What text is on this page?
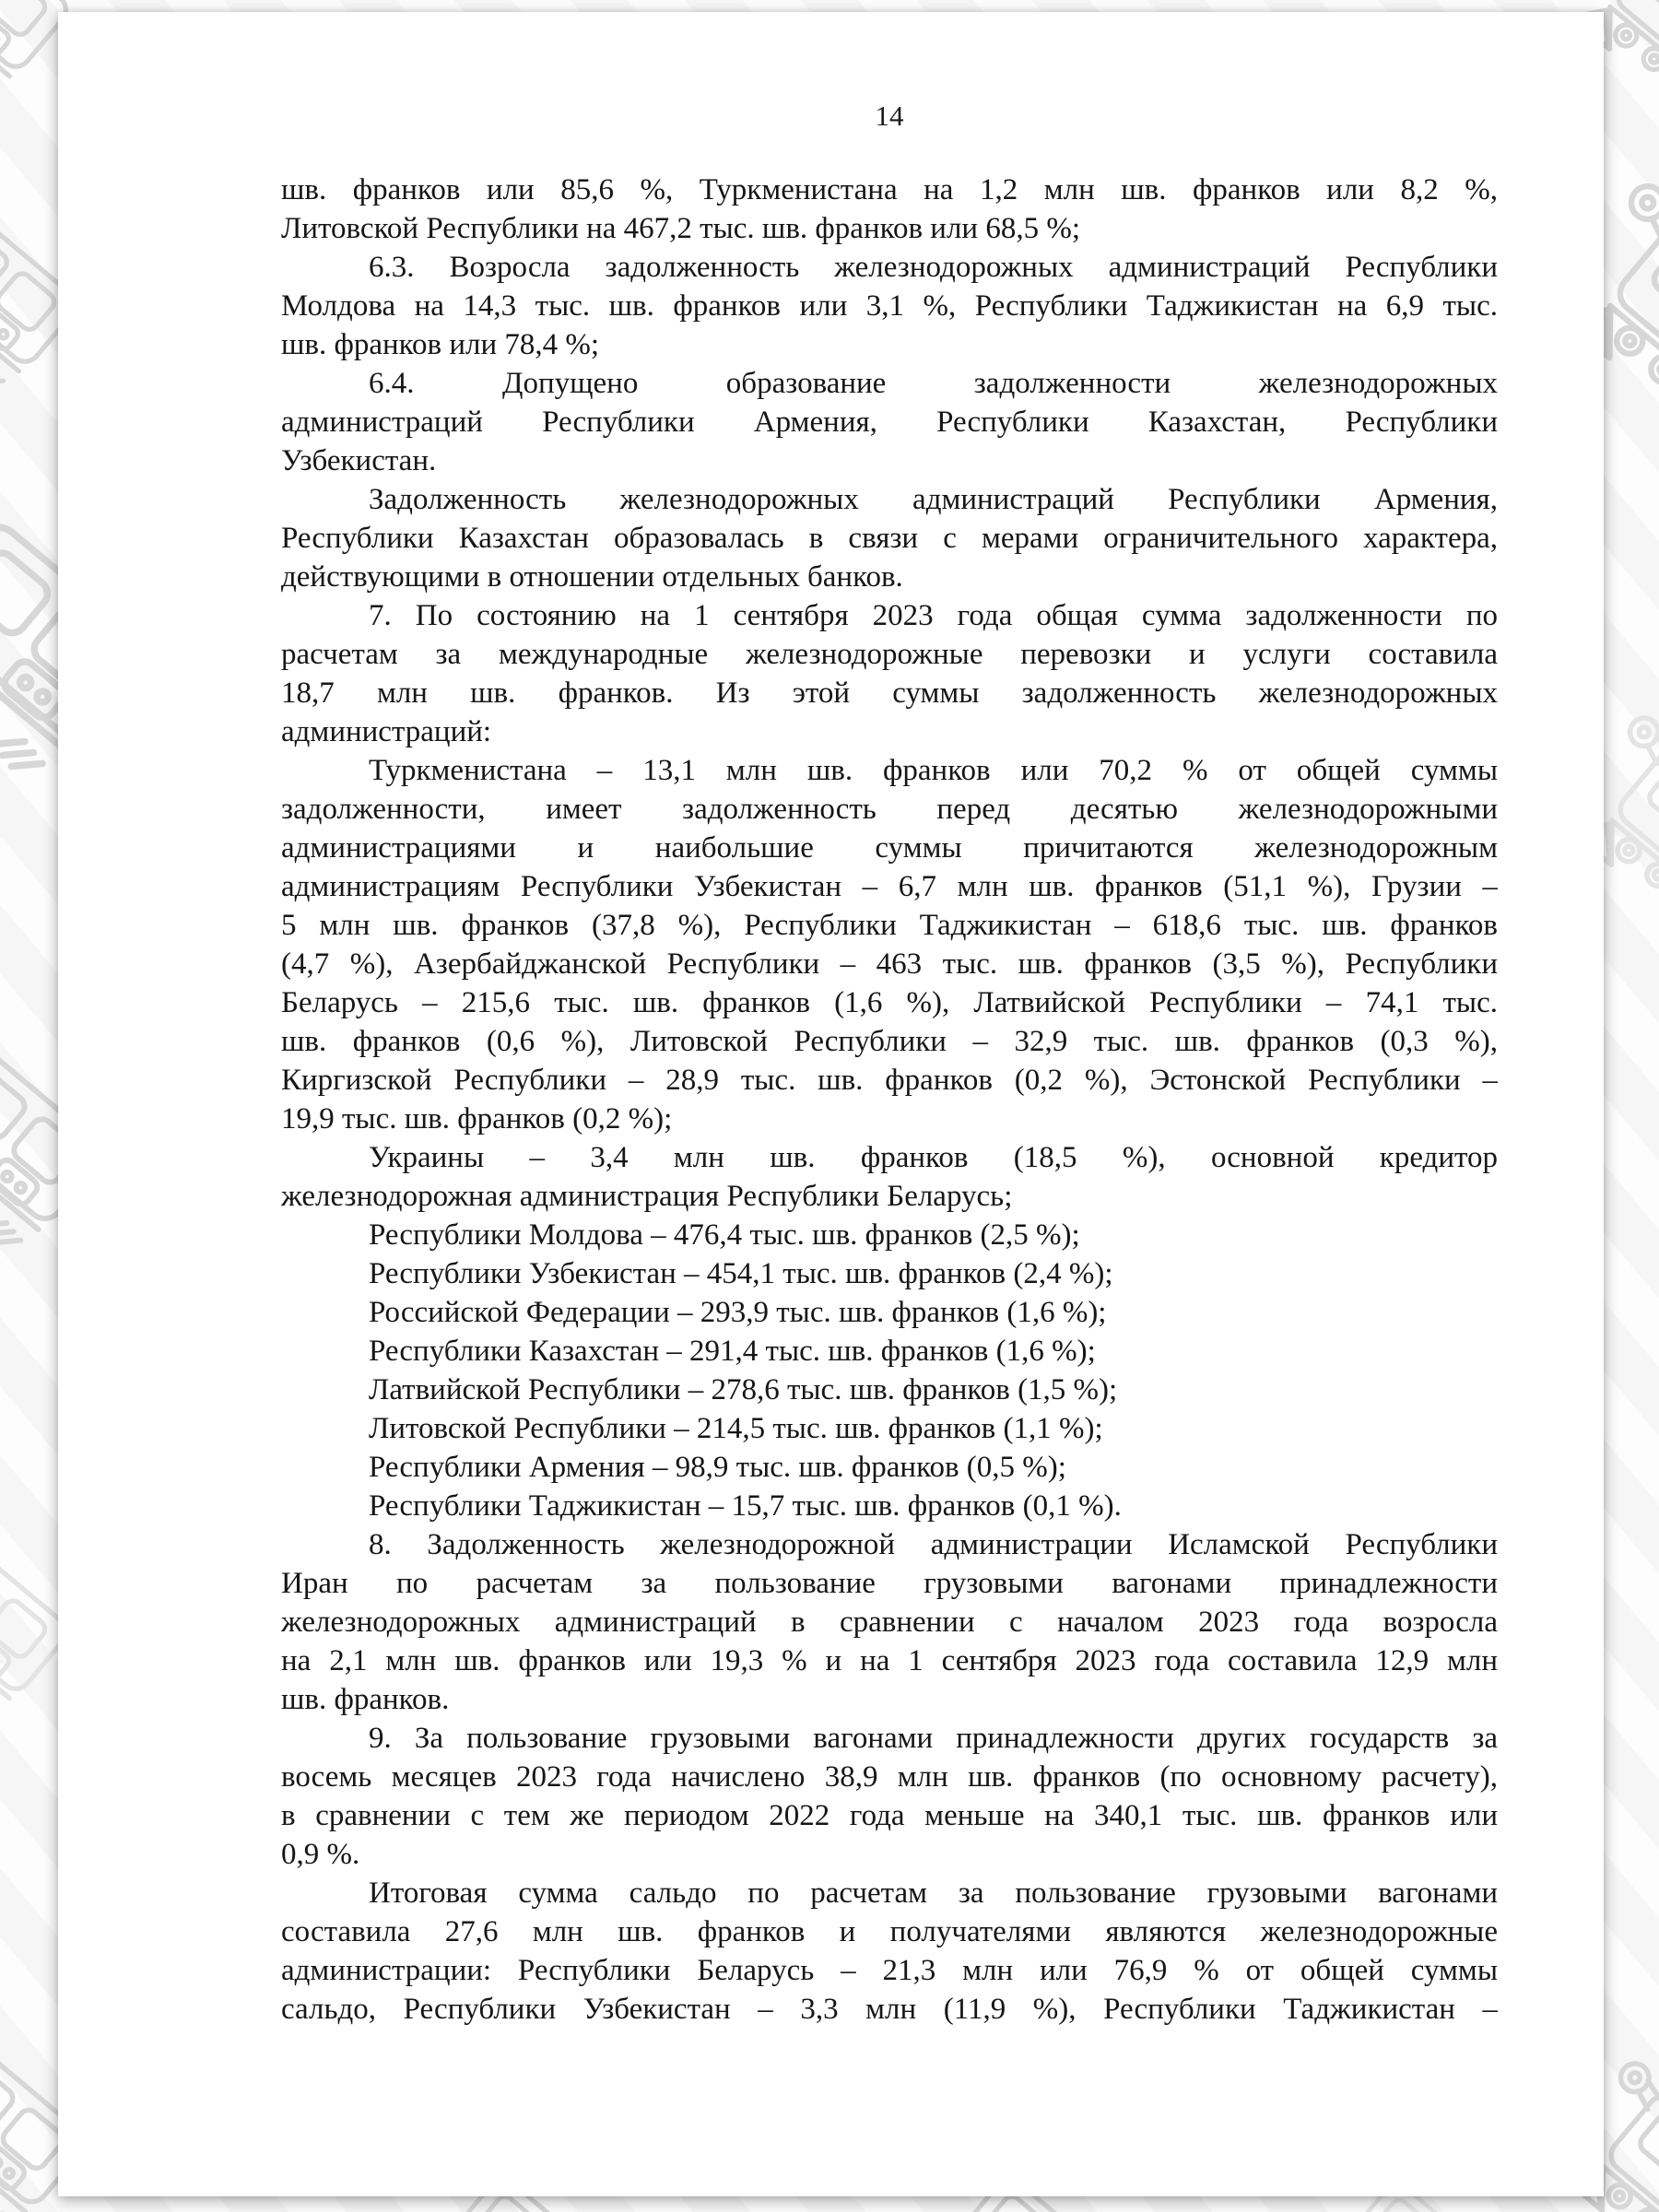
14
шв. франков или 85,6 %, Туркменистана на 1,2 млн шв. франков или 8,2 %,
Литовской Республики на 467,2 тыс. шв. франков или 68,5 %;
6.3. Возросла задолженность железнодорожных администраций Республики
Молдова на 14,3 тыс. шв. франков или 3,1 %, Республики Таджикистан на 6,9 тыс.
шв. франков или 78,4 %;
6.4. Допущено образование задолженности железнодорожных
администраций Республики Армения, Республики Казахстан, Республики
Узбекистан.
Задолженность железнодорожных администраций Республики Армения,
Республики Казахстан образовалась в связи с мерами ограничительного характера,
действующими в отношении отдельных банков.
7. По состоянию на 1 сентября 2023 года общая сумма задолженности по
расчетам за международные железнодорожные перевозки и услуги составила
18,7 млн шв. франков. Из этой суммы задолженность железнодорожных
администраций:
Туркменистана – 13,1 млн шв. франков или 70,2 % от общей суммы
задолженности, имеет задолженность перед десятью железнодорожными
администрациями и наибольшие суммы причитаются железнодорожным
администрациям Республики Узбекистан – 6,7 млн шв. франков (51,1 %), Грузии –
5 млн шв. франков (37,8 %), Республики Таджикистан – 618,6 тыс. шв. франков
(4,7 %), Азербайджанской Республики – 463 тыс. шв. франков (3,5 %), Республики
Беларусь – 215,6 тыс. шв. франков (1,6 %), Латвийской Республики – 74,1 тыс.
шв. франков (0,6 %), Литовской Республики – 32,9 тыс. шв. франков (0,3 %),
Киргизской Республики – 28,9 тыс. шв. франков (0,2 %), Эстонской Республики –
19,9 тыс. шв. франков (0,2 %);
Украины – 3,4 млн шв. франков (18,5 %), основной кредитор
железнодорожная администрация Республики Беларусь;
Республики Молдова – 476,4 тыс. шв. франков (2,5 %);
Республики Узбекистан – 454,1 тыс. шв. франков (2,4 %);
Российской Федерации – 293,9 тыс. шв. франков (1,6 %);
Республики Казахстан – 291,4 тыс. шв. франков (1,6 %);
Латвийской Республики – 278,6 тыс. шв. франков (1,5 %);
Литовской Республики – 214,5 тыс. шв. франков (1,1 %);
Республики Армения – 98,9 тыс. шв. франков (0,5 %);
Республики Таджикистан – 15,7 тыс. шв. франков (0,1 %).
8. Задолженность железнодорожной администрации Исламской Республики
Иран по расчетам за пользование грузовыми вагонами принадлежности
железнодорожных администраций в сравнении с началом 2023 года возросла
на 2,1 млн шв. франков или 19,3 % и на 1 сентября 2023 года составила 12,9 млн
шв. франков.
9. За пользование грузовыми вагонами принадлежности других государств за
восемь месяцев 2023 года начислено 38,9 млн шв. франков (по основному расчету),
в сравнении с тем же периодом 2022 года меньше на 340,1 тыс. шв. франков или
0,9 %.
Итоговая сумма сальдо по расчетам за пользование грузовыми вагонами
составила 27,6 млн шв. франков и получателями являются железнодорожные
администрации: Республики Беларусь – 21,3 млн или 76,9 % от общей суммы
сальдо, Республики Узбекистан – 3,3 млн (11,9 %), Республики Таджикистан –
